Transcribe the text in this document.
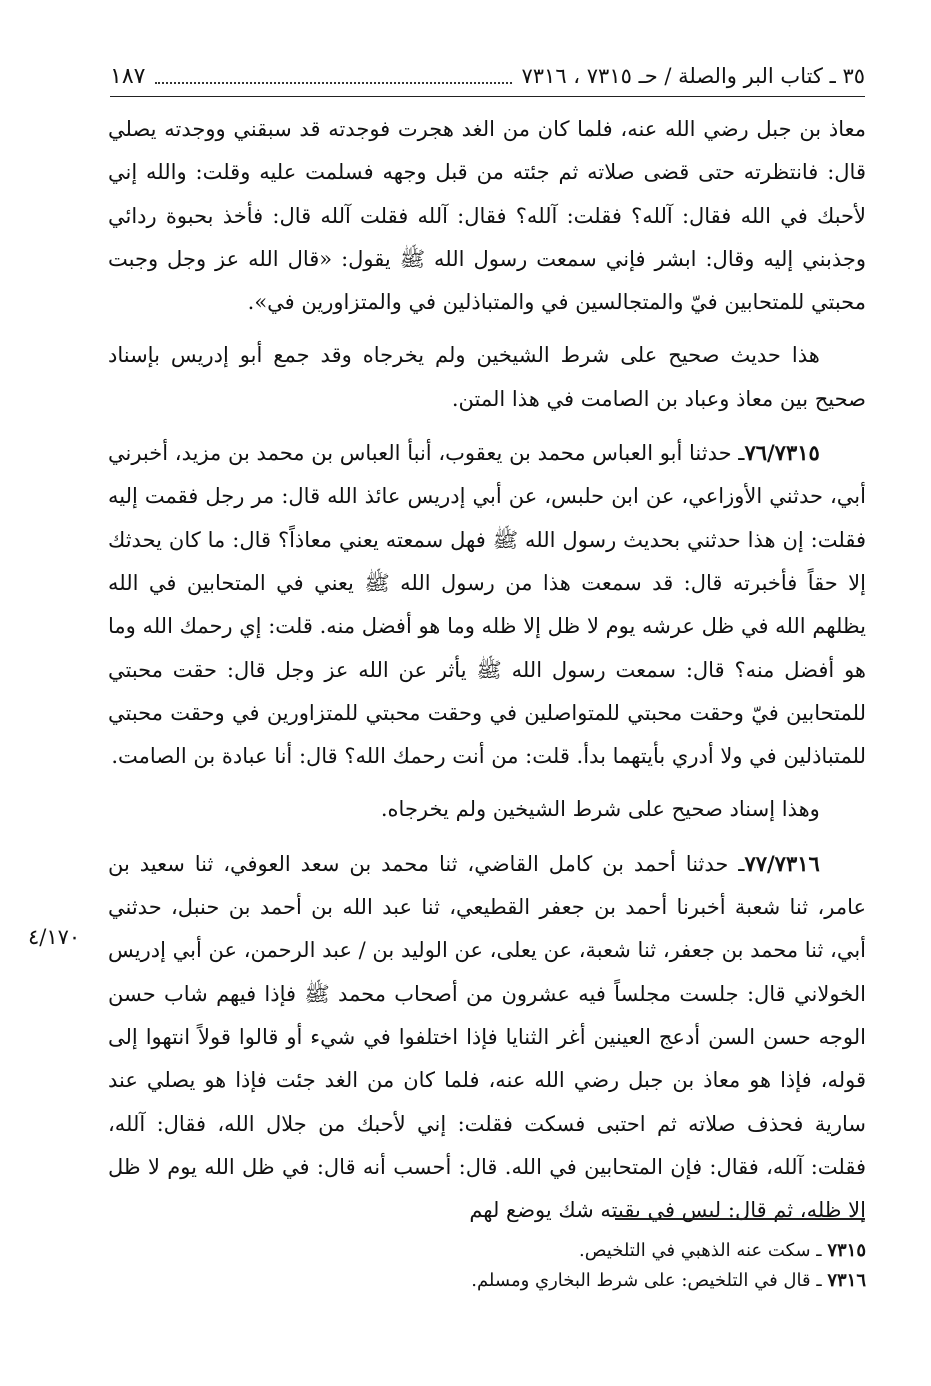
٣٥ ـ كتاب البر والصلة / حـ ٧٣١٥ ، ٧٣١٦
١٨٧

معاذ بن جبل رضي الله عنه، فلما كان من الغد هجرت فوجدته قد سبقني ووجدته يصلي قال: فانتظرته حتى قضى صلاته ثم جئته من قبل وجهه فسلمت عليه وقلت: والله إني لأحبك في الله فقال: آلله؟ فقلت: آلله؟ فقال: آلله فقلت آلله قال: فأخذ بحبوة ردائي وجذبني إليه وقال: ابشر فإني سمعت رسول الله ﷺ يقول: «قال الله عز وجل وجبت محبتي للمتحابين فيّ والمتجالسين في والمتباذلين في والمتزاورين في».

هذا حديث صحيح على شرط الشيخين ولم يخرجاه وقد جمع أبو إدريس بإسناد صحيح بين معاذ وعباد بن الصامت في هذا المتن.

٧٦/٧٣١٥ـ حدثنا أبو العباس محمد بن يعقوب، أنبأ العباس بن محمد بن مزيد، أخبرني أبي، حدثني الأوزاعي، عن ابن حلبس، عن أبي إدريس عائذ الله قال: مر رجل فقمت إليه فقلت: إن هذا حدثني بحديث رسول الله ﷺ فهل سمعته يعني معاذاً؟ قال: ما كان يحدثك إلا حقاً فأخبرته قال: قد سمعت هذا من رسول الله ﷺ يعني في المتحابين في الله يظلهم الله في ظل عرشه يوم لا ظل إلا ظله وما هو أفضل منه. قلت: إي رحمك الله وما هو أفضل منه؟ قال: سمعت رسول الله ﷺ يأثر عن الله عز وجل قال: حقت محبتي للمتحابين فيّ وحقت محبتي للمتواصلين في وحقت محبتي للمتزاورين في وحقت محبتي للمتباذلين في ولا أدري بأيتهما بدأ. قلت: من أنت رحمك الله؟ قال: أنا عبادة بن الصامت.

وهذا إسناد صحيح على شرط الشيخين ولم يخرجاه.

٧٧/٧٣١٦ـ حدثنا أحمد بن كامل القاضي، ثنا محمد بن سعد العوفي، ثنا سعيد بن عامر، ثنا شعبة أخبرنا أحمد بن جعفر القطيعي، ثنا عبد الله بن أحمد بن حنبل، حدثني أبي، ثنا محمد بن جعفر، ثنا شعبة، عن يعلى، عن الوليد بن / عبد الرحمن، عن أبي إدريس الخولاني قال: جلست مجلساً فيه عشرون من أصحاب محمد ﷺ فإذا فيهم شاب حسن الوجه حسن السن أدعج العينين أغر الثنايا فإذا اختلفوا في شيء أو قالوا قولاً انتهوا إلى قوله، فإذا هو معاذ بن جبل رضي الله عنه، فلما كان من الغد جئت فإذا هو يصلي عند سارية فحذف صلاته ثم احتبى فسكت فقلت: إني لأحبك من جلال الله، فقال: آلله، فقلت: آلله، فقال: فإن المتحابين في الله. قال: أحسب أنه قال: في ظل الله يوم لا ظل إلا ظله، ثم قال: ليس في بقيته شك يوضع لهم

٤/١٧٠

٧٣١٥ ـ سكت عنه الذهبي في التلخيص.

٧٣١٦ ـ قال في التلخيص: على شرط البخاري ومسلم.
